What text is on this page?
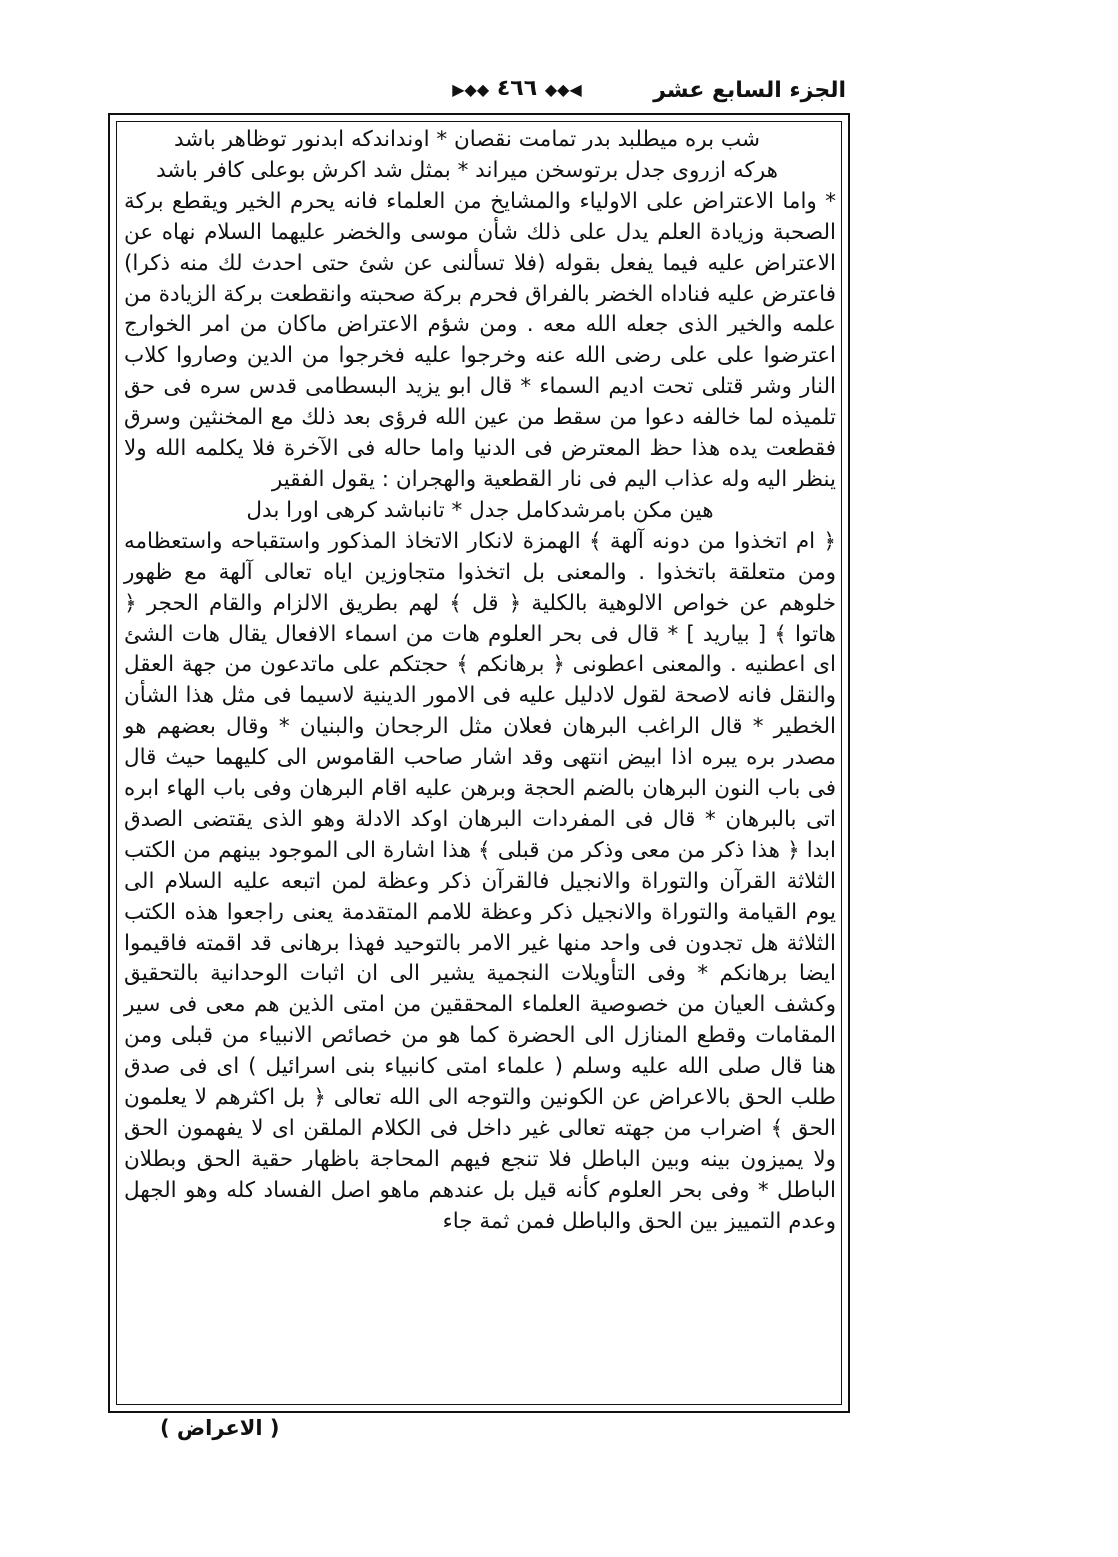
الجزء السابع عشر
◀◆◆ ٤٦٦ ◆◆▶

شب بره میطلبد بدر تمامت نقصان * اونداندکه ابدنور توظاهر باشد

هرکه ازروی جدل برتوسخن میراند * بمثل شد اکرش بوعلی کافر باشد

* واما الاعتراض على الاولياء والمشايخ من العلماء فانه يحرم الخير ويقطع بركة الصحبة وزيادة العلم يدل على ذلك شأن موسى والخضر عليهما السلام نهاه عن الاعتراض عليه فيما يفعل بقوله (فلا تسألنى عن شئ حتى احدث لك منه ذكرا) فاعترض عليه فناداه الخضر بالفراق فحرم بركة صحبته وانقطعت بركة الزيادة من علمه والخير الذى جعله الله معه . ومن شؤم الاعتراض ماكان من امر الخوارج اعترضوا على على رضى الله عنه وخرجوا عليه فخرجوا من الدين وصاروا كلاب النار وشر قتلى تحت اديم السماء * قال ابو يزيد البسطامى قدس سره فى حق تلميذه لما خالفه دعوا من سقط من عين الله فرؤى بعد ذلك مع المخنثين وسرق فقطعت يده هذا حظ المعترض فى الدنيا واما حاله فى الآخرة فلا يكلمه الله ولا ينظر اليه وله عذاب اليم فى نار القطعية والهجران : يقول الفقير

هين مكن بامرشدكامل جدل * تانباشد كرهى اورا بدل

﴿ ام اتخذوا من دونه آلهة ﴾ الهمزة لانكار الاتخاذ المذكور واستقباحه واستعظامه ومن متعلقة باتخذوا . والمعنى بل اتخذوا متجاوزين اياه تعالى آلهة مع ظهور خلوهم عن خواص الالوهية بالكلية ﴿ قل ﴾ لهم بطريق الالزام والقام الحجر ﴿ هاتوا ﴾ [ بياريد ] * قال فى بحر العلوم هات من اسماء الافعال يقال هات الشئ اى اعطنيه . والمعنى اعطونى ﴿ برهانكم ﴾ حجتكم على ماتدعون من جهة العقل والنقل فانه لاصحة لقول لادليل عليه فى الامور الدينية لاسيما فى مثل هذا الشأن الخطير * قال الراغب البرهان فعلان مثل الرجحان والبنيان * وقال بعضهم هو مصدر بره يبره اذا ابيض انتهى وقد اشار صاحب القاموس الى كليهما حيث قال فى باب النون البرهان بالضم الحجة وبرهن عليه اقام البرهان وفى باب الهاء ابره اتى بالبرهان * قال فى المفردات البرهان اوكد الادلة وهو الذى يقتضى الصدق ابدا ﴿ هذا ذكر من معى وذكر من قبلى ﴾ هذا اشارة الى الموجود بينهم من الكتب الثلاثة القرآن والتوراة والانجيل فالقرآن ذكر وعظة لمن اتبعه عليه السلام الى يوم القيامة والتوراة والانجيل ذكر وعظة للامم المتقدمة يعنى راجعوا هذه الكتب الثلاثة هل تجدون فى واحد منها غير الامر بالتوحيد فهذا برهانى قد اقمته فاقيموا ايضا برهانكم * وفى التأويلات النجمية يشير الى ان اثبات الوحدانية بالتحقيق وكشف العيان من خصوصية العلماء المحققين من امتى الذين هم معى فى سير المقامات وقطع المنازل الى الحضرة كما هو من خصائص الانبياء من قبلى ومن هنا قال صلى الله عليه وسلم ( علماء امتى كانبياء بنى اسرائيل ) اى فى صدق طلب الحق بالاعراض عن الكونين والتوجه الى الله تعالى ﴿ بل اكثرهم لا يعلمون الحق ﴾ اضراب من جهته تعالى غير داخل فى الكلام الملقن اى لا يفهمون الحق ولا يميزون بينه وبين الباطل فلا تنجع فيهم المحاجة باظهار حقية الحق وبطلان الباطل * وفى بحر العلوم كأنه قيل بل عندهم ماهو اصل الفساد كله وهو الجهل وعدم التمييز بين الحق والباطل فمن ثمة جاء

( الاعراض )
